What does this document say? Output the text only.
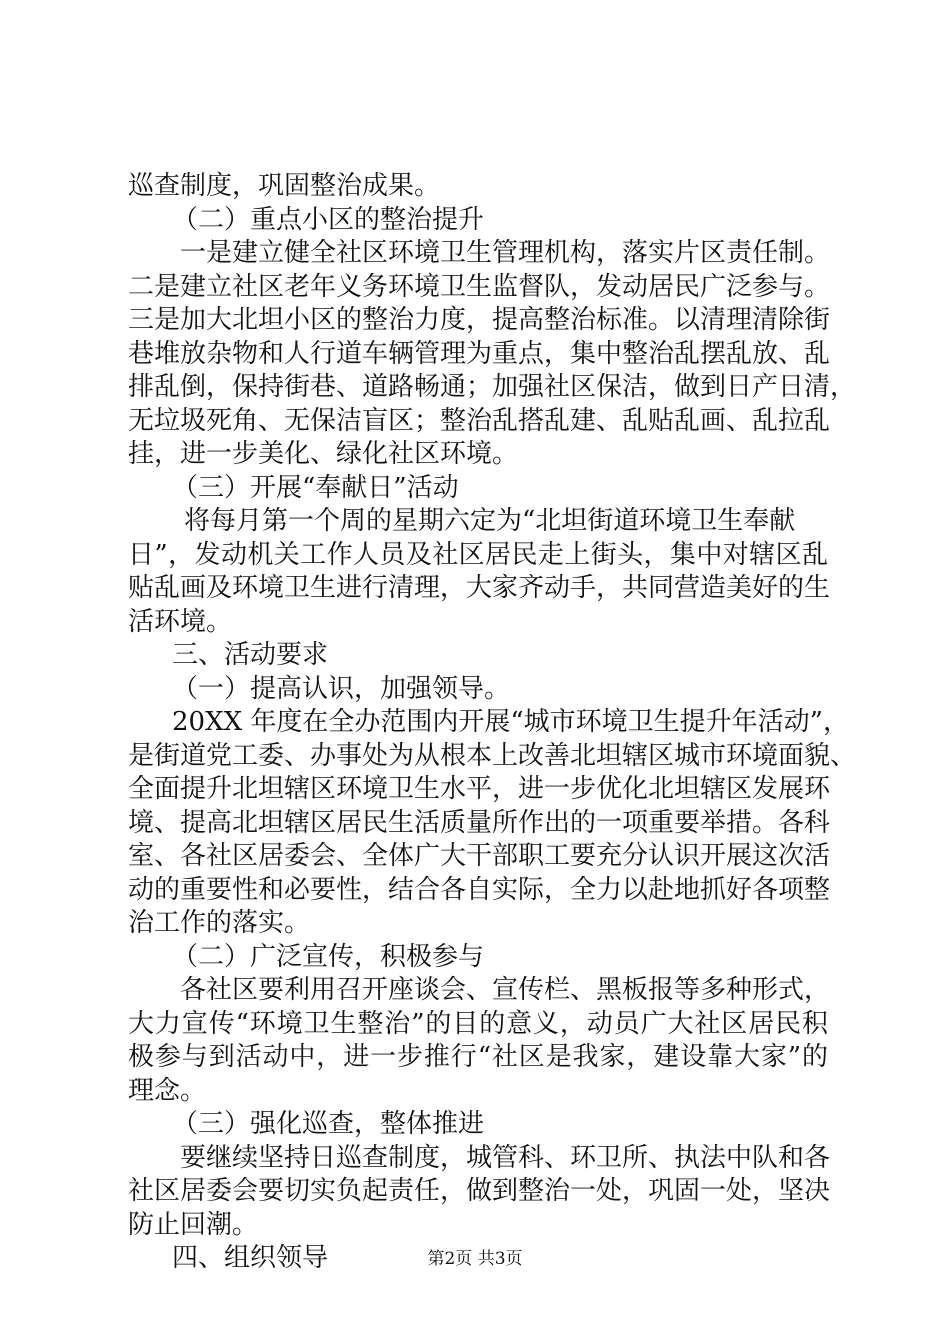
巡查制度，巩固整治成果。

（二）重点小区的整治提升

一是建立健全社区环境卫生管理机构，落实片区责任制。

二是建立社区老年义务环境卫生监督队，发动居民广泛参与。

三是加大北坦小区的整治力度，提高整治标准。以清理清除街

巷堆放杂物和人行道车辆管理为重点，集中整治乱摆乱放、乱

排乱倒，保持街巷、道路畅通；加强社区保洁，做到日产日清，

无垃圾死角、无保洁盲区；整治乱搭乱建、乱贴乱画、乱拉乱

挂，进一步美化、绿化社区环境。

（三）开展“奉献日”活动

将每月第一个周的星期六定为“北坦街道环境卫生奉献

日”，发动机关工作人员及社区居民走上街头，集中对辖区乱

贴乱画及环境卫生进行清理，大家齐动手，共同营造美好的生

活环境。

三、活动要求

（一）提高认识，加强领导。

20XX 年度在全办范围内开展“城市环境卫生提升年活动”，

是街道党工委、办事处为从根本上改善北坦辖区城市环境面貌、

全面提升北坦辖区环境卫生水平，进一步优化北坦辖区发展环

境、提高北坦辖区居民生活质量所作出的一项重要举措。各科

室、各社区居委会、全体广大干部职工要充分认识开展这次活

动的重要性和必要性，结合各自实际，全力以赴地抓好各项整

治工作的落实。

（二）广泛宣传，积极参与

各社区要利用召开座谈会、宣传栏、黑板报等多种形式，

大力宣传“环境卫生整治”的目的意义，动员广大社区居民积

极参与到活动中，进一步推行“社区是我家，建设靠大家”的

理念。

（三）强化巡查，整体推进

要继续坚持日巡查制度，城管科、环卫所、执法中队和各

社区居委会要切实负起责任，做到整治一处，巩固一处，坚决

防止回潮。

四、组织领导	第2页 共3页
